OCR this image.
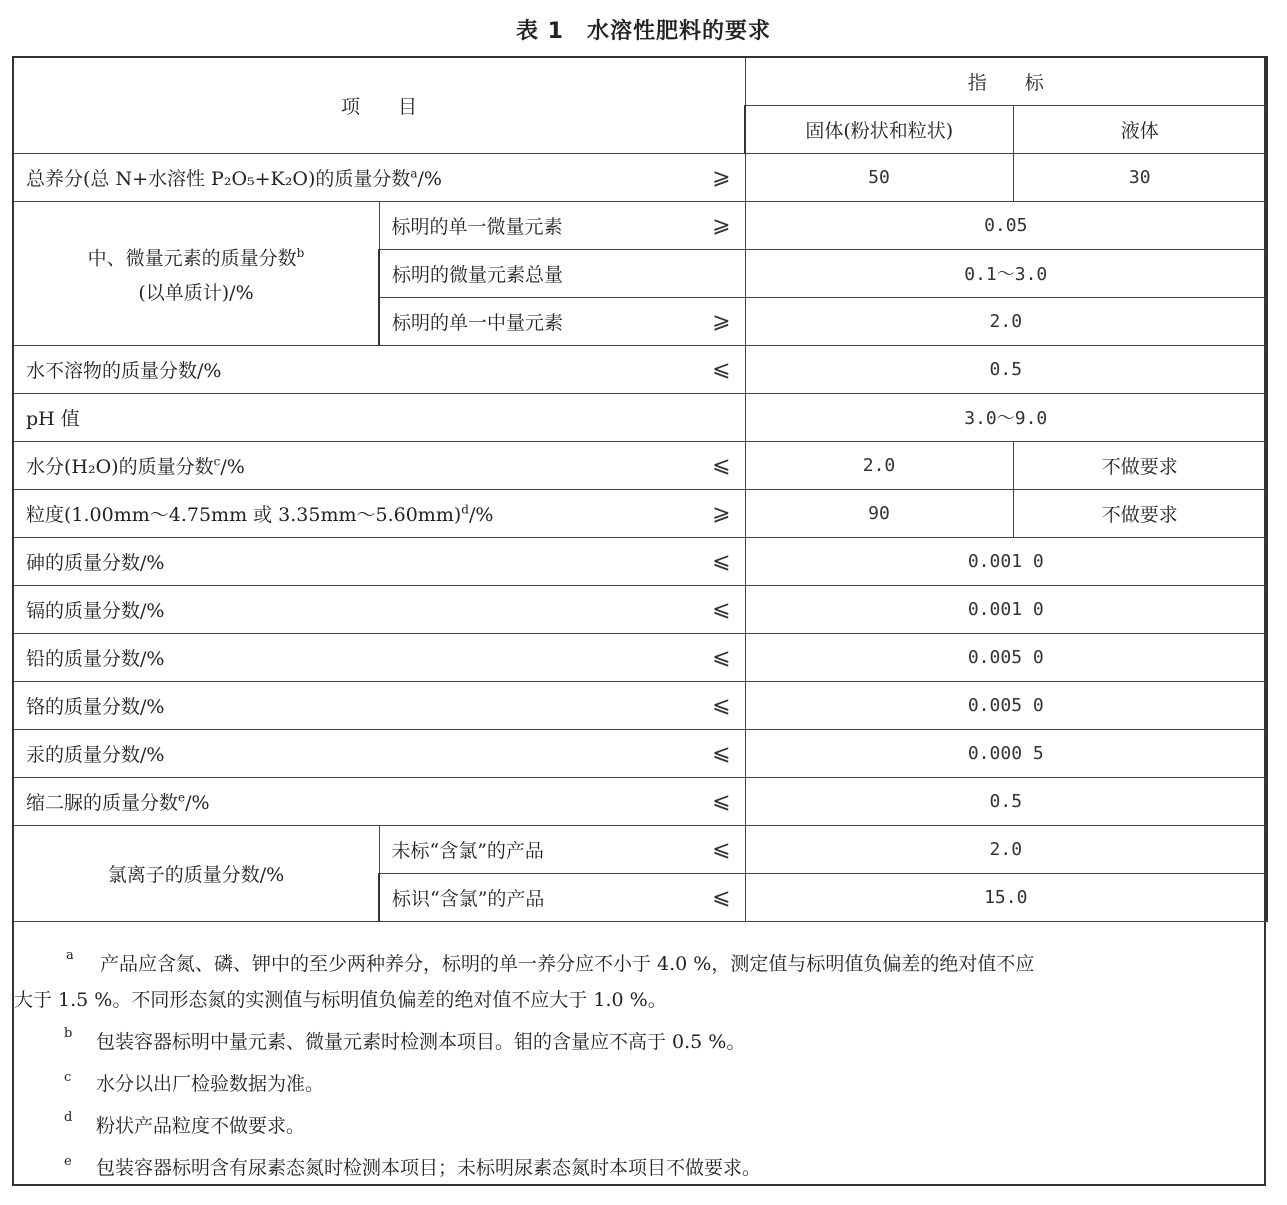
表 1　水溶性肥料的要求
项　　目		指　　标	
		固体(粉状和粒状)	液体

总养分(总 N+水溶性 P₂O₅+K₂O)的质量分数$^a$/% ⩾		50	30
中、微量元素的质量分数$^b$
(以单质计)/%	标明的单一微量元素 ⩾	0.05	
	标明的微量元素总量	0.1～3.0	

	标明的单一中量元素 ⩾	2.0	

水不溶物的质量分数/% ⩽		0.5	
pH 值		3.0～9.0	

水分(H₂O)的质量分数$^c$/% ⩽		2.0	不做要求

粒度(1.00mm～4.75mm 或 3.35mm～5.60mm)$^d$/% ⩾		90	不做要求

砷的质量分数/% ⩽		0.001 0	

镉的质量分数/% ⩽		0.001 0	

铅的质量分数/% ⩽		0.005 0	

铬的质量分数/% ⩽		0.005 0	

汞的质量分数/% ⩽		0.000 5	

缩二脲的质量分数$^e$/% ⩽		0.5	
氯离子的质量分数/%	未标“含氯”的产品 ⩽	2.0	

	标识“含氯”的产品 ⩽	15.0	
a 产品应含氮、磷、钾中的至少两种养分，标明的单一养分应不小于 4.0 %，测定值与标明值负偏差的绝对值不应
大于 1.5 %。不同形态氮的实测值与标明值负偏差的绝对值不应大于 1.0 %。
b 包装容器标明中量元素、微量元素时检测本项目。钼的含量应不高于 0.5 %。
c 水分以出厂检验数据为准。
d 粉状产品粒度不做要求。
e 包装容器标明含有尿素态氮时检测本项目；未标明尿素态氮时本项目不做要求。
